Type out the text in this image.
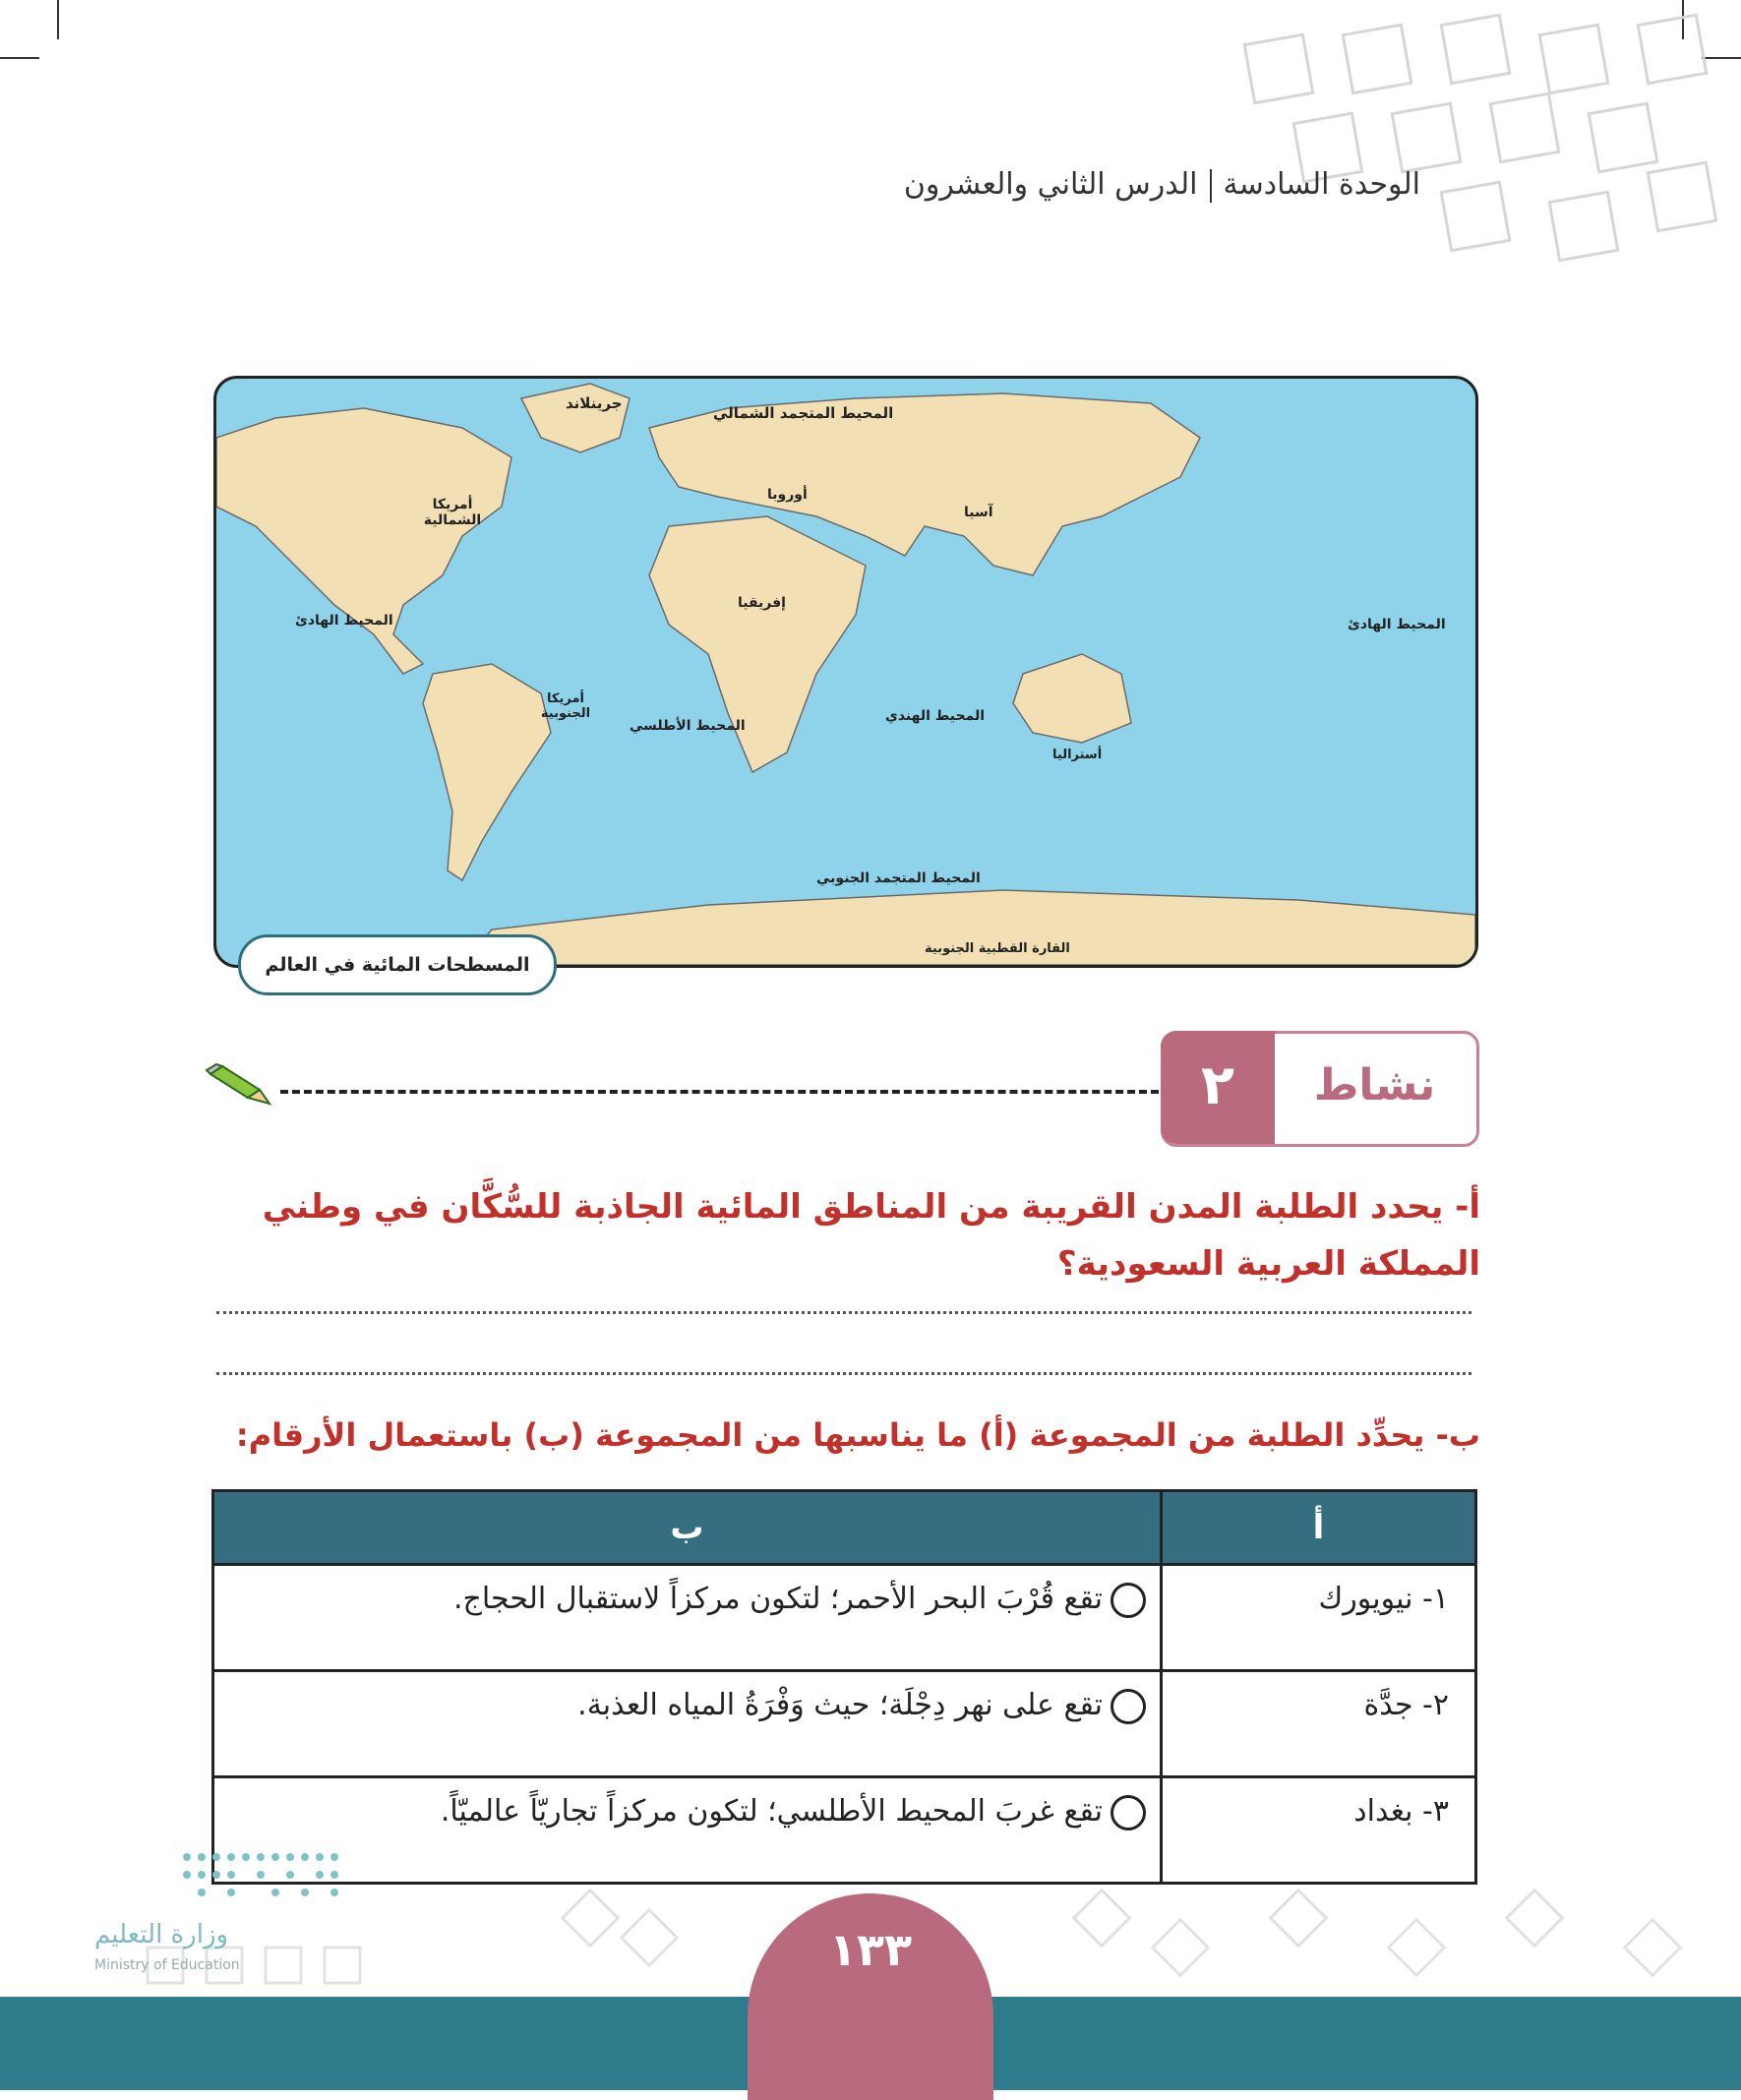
الوحدة السادسةالدرس الثاني والعشرون
جرينلاند
المحيط المتجمد الشمالي
أمريكا الشمالية
أوروبا
آسيا
إفريقيا
أمريكا الجنوبية
المحيط الهادئ	المحيط الهادئ
المحيط الأطلسي
المحيط الهندي
أستراليا
المحيط المتجمد الجنوبي
القارة القطبية الجنوبية
المسطحات المائية في العالم
٢	نشاط
أ- يحدد الطلبة المدن القريبة من المناطق المائية الجاذبة للسُّكَّان في وطني المملكة العربية السعودية؟
ب- يحدِّد الطلبة من المجموعة (أ) ما يناسبها من المجموعة (ب) باستعمال الأرقام:
أ	ب
١- نيويورك	تقع قُرْبَ البحر الأحمر؛ لتكون مركزاً لاستقبال الحجاج.
٢- جدَّة	تقع على نهر دِجْلَة؛ حيث وَفْرَةُ المياه العذبة.
٣- بغداد	تقع غربَ المحيط الأطلسي؛ لتكون مركزاً تجاريّاً عالميّاً.
وزارة التعليم
Ministry of Education	١٣٣
